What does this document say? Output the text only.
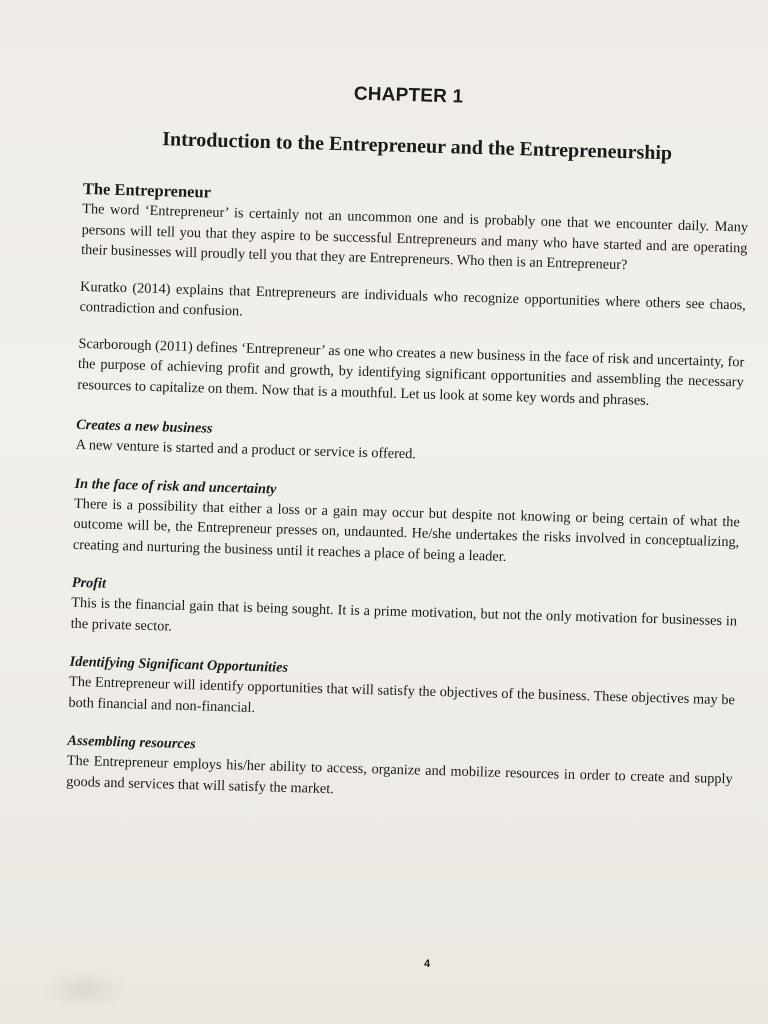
CHAPTER 1
Introduction to the Entrepreneur and the Entrepreneurship
The Entrepreneur

The word ‘Entrepreneur’ is certainly not an uncommon one and is probably one that we encounter daily. Many persons will tell you that they aspire to be successful Entrepreneurs and many who have started and are operating their businesses will proudly tell you that they are Entrepreneurs. Who then is an Entrepreneur?

Kuratko (2014) explains that Entrepreneurs are individuals who recognize opportunities where others see chaos, contradiction and confusion.

Scarborough (2011) defines ‘Entrepreneur’ as one who creates a new business in the face of risk and uncertainty, for the purpose of achieving profit and growth, by identifying significant opportunities and assembling the necessary resources to capitalize on them. Now that is a mouthful. Let us look at some key words and phrases.

Creates a new business

A new venture is started and a product or service is offered.

In the face of risk and uncertainty

There is a possibility that either a loss or a gain may occur but despite not knowing or being certain of what the outcome will be, the Entrepreneur presses on, undaunted. He/she undertakes the risks involved in conceptualizing, creating and nurturing the business until it reaches a place of being a leader.

Profit

This is the financial gain that is being sought. It is a prime motivation, but not the only motivation for businesses in the private sector.

Identifying Significant Opportunities

The Entrepreneur will identify opportunities that will satisfy the objectives of the business. These objectives may be both financial and non-financial.

Assembling resources

The Entrepreneur employs his/her ability to access, organize and mobilize resources in order to create and supply goods and services that will satisfy the market.

4
